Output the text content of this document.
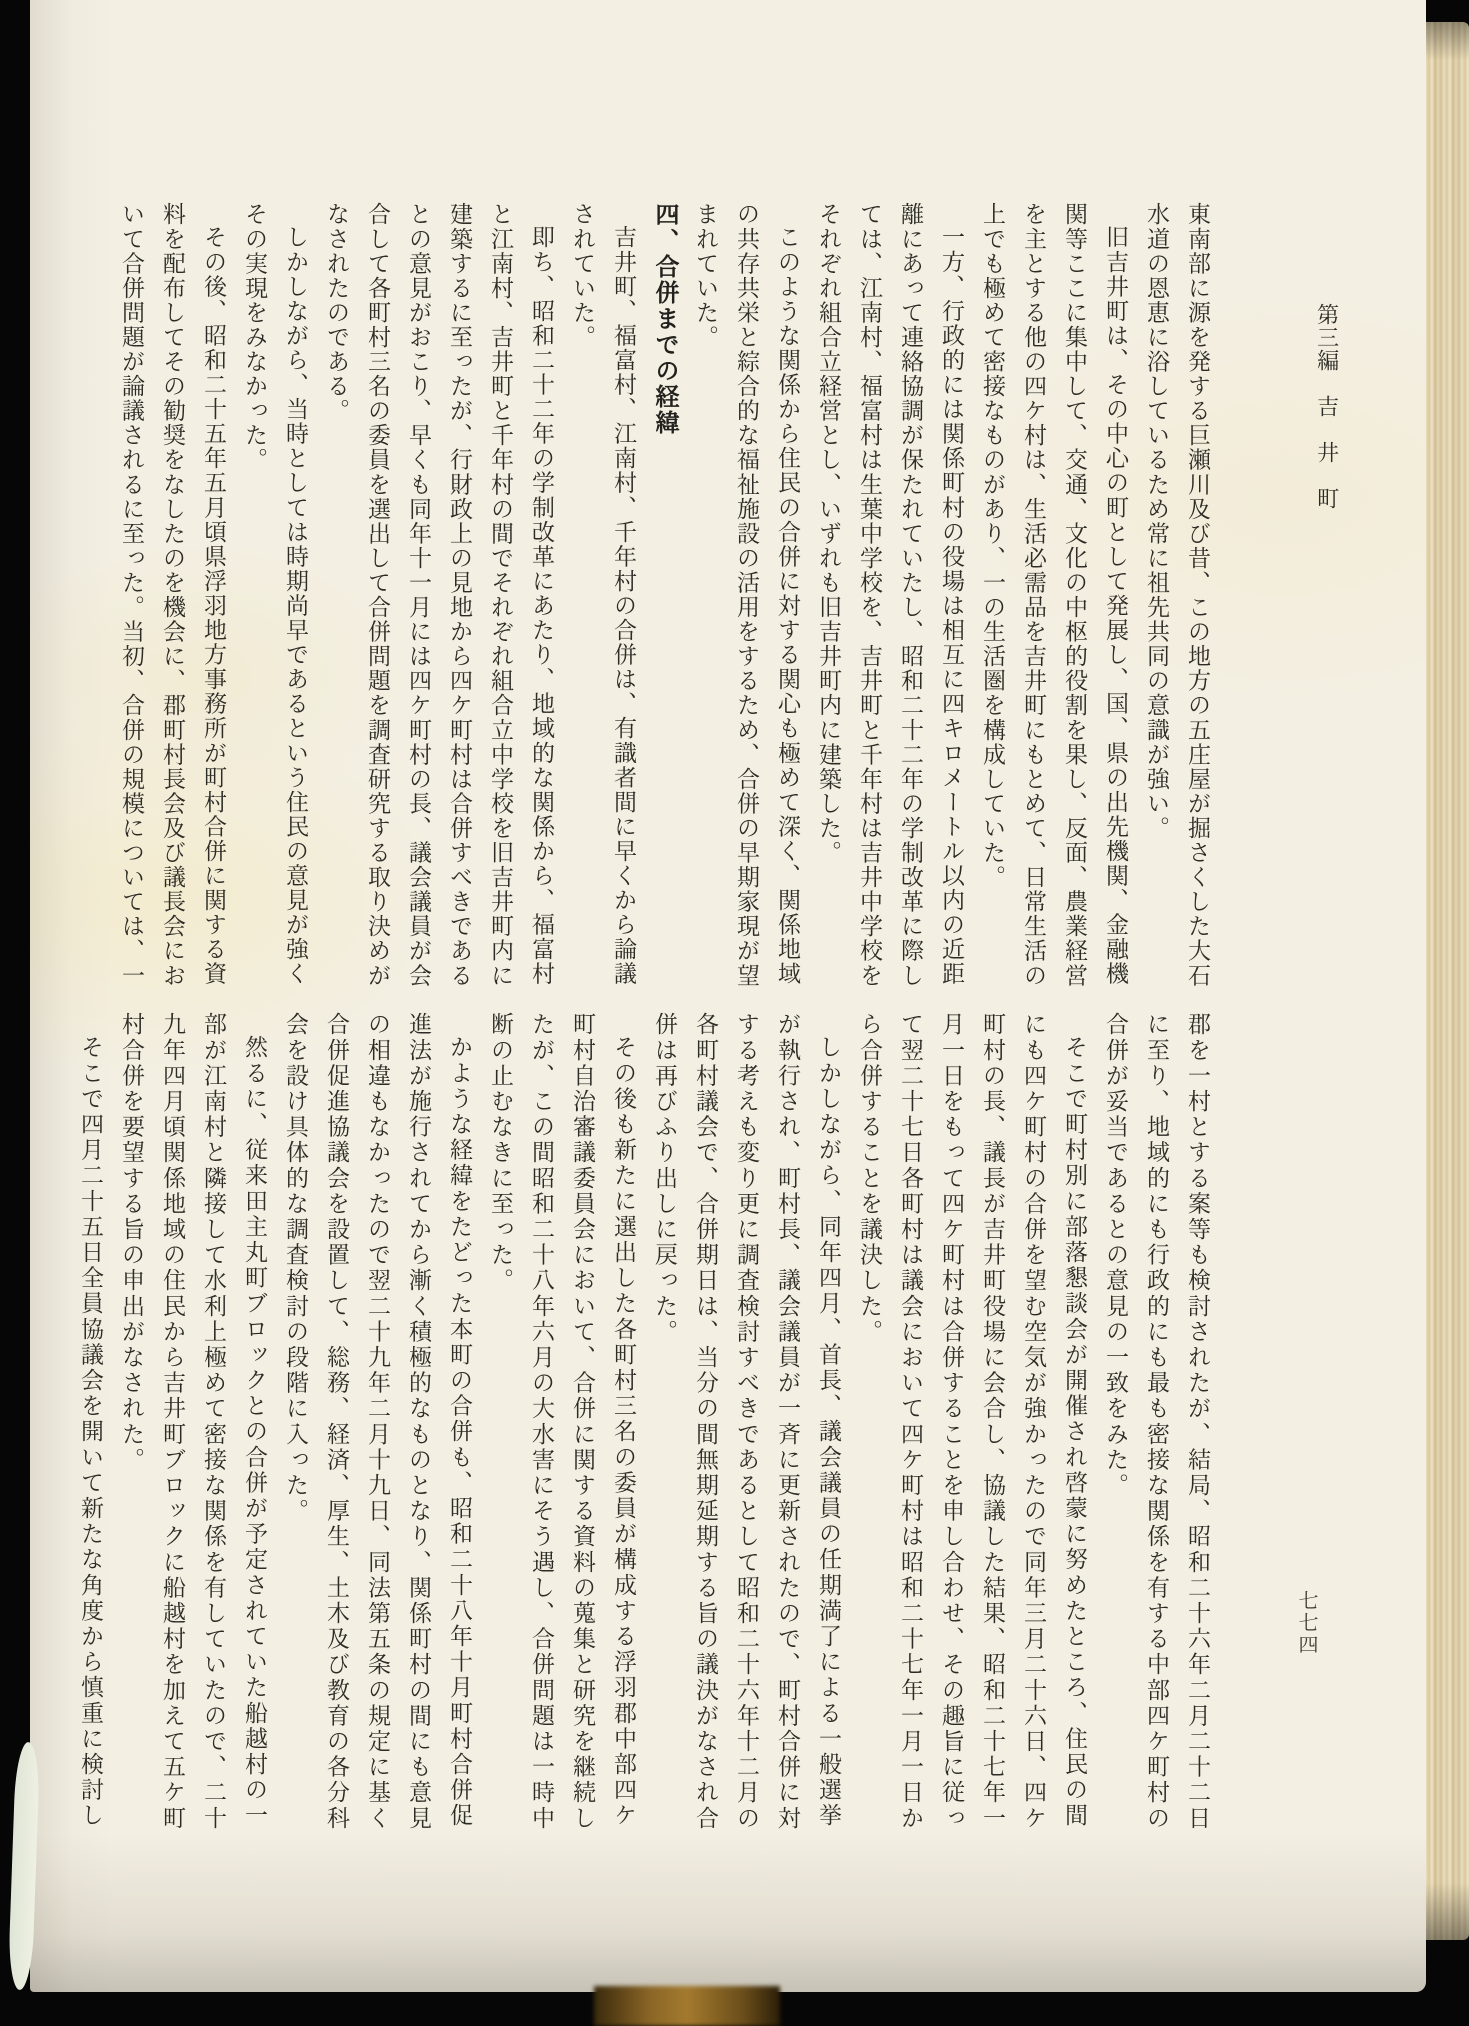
第三編　吉　井　町

東南部に源を発する巨瀬川及び昔、この地方の五庄屋が掘さくした大石水道の恩恵に浴しているため常に祖先共同の意識が強い。

旧吉井町は、その中心の町として発展し、国、県の出先機関、金融機関等ここに集中して、交通、文化の中枢的役割を果し、反面、農業経営を主とする他の四ケ村は、生活必需品を吉井町にもとめて、日常生活の上でも極めて密接なものがあり、一の生活圏を構成していた。

一方、行政的には関係町村の役場は相互に四キロメートル以内の近距離にあって連絡協調が保たれていたし、昭和二十二年の学制改革に際しては、江南村、福富村は生葉中学校を、吉井町と千年村は吉井中学校をそれぞれ組合立経営とし、いずれも旧吉井町内に建築した。

このような関係から住民の合併に対する関心も極めて深く、関係地域の共存共栄と綜合的な福祉施設の活用をするため、合併の早期家現が望まれていた。

四、合併までの経緯

吉井町、福富村、江南村、千年村の合併は、有識者間に早くから論議されていた。

即ち、昭和二十二年の学制改革にあたり、地域的な関係から、福富村と江南村、吉井町と千年村の間でそれぞれ組合立中学校を旧吉井町内に建築するに至ったが、行財政上の見地から四ケ町村は合併すべきであるとの意見がおこり、早くも同年十一月には四ケ町村の長、議会議員が会合して各町村三名の委員を選出して合併問題を調査研究する取り決めがなされたのである。

しかしながら、当時としては時期尚早であるという住民の意見が強くその実現をみなかった。

その後、昭和二十五年五月頃県浮羽地方事務所が町村合併に関する資料を配布してその勧奨をなしたのを機会に、郡町村長会及び議長会において合併問題が論議されるに至った。当初、合併の規模については、一

七七四

郡を一村とする案等も検討されたが、結局、昭和二十六年二月二十二日に至り、地域的にも行政的にも最も密接な関係を有する中部四ケ町村の合併が妥当であるとの意見の一致をみた。

そこで町村別に部落懇談会が開催され啓蒙に努めたところ、住民の間にも四ケ町村の合併を望む空気が強かったので同年三月二十六日、四ケ町村の長、議長が吉井町役場に会合し、協議した結果、昭和二十七年一月一日をもって四ケ町村は合併することを申し合わせ、その趣旨に従って翌二十七日各町村は議会において四ケ町村は昭和二十七年一月一日から合併することを議決した。

しかしながら、同年四月、首長、議会議員の任期満了による一般選挙が執行され、町村長、議会議員が一斉に更新されたので、町村合併に対する考えも変り更に調査検討すべきであるとして昭和二十六年十二月の各町村議会で、合併期日は、当分の間無期延期する旨の議決がなされ合併は再びふり出しに戻った。

その後も新たに選出した各町村三名の委員が構成する浮羽郡中部四ケ町村自治審議委員会において、合併に関する資料の蒐集と研究を継続したが、この間昭和二十八年六月の大水害にそう遇し、合併問題は一時中断の止むなきに至った。

かような経緯をたどった本町の合併も、昭和二十八年十月町村合併促進法が施行されてから漸く積極的なものとなり、関係町村の間にも意見の相違もなかったので翌二十九年二月十九日、同法第五条の規定に基く合併促進協議会を設置して、総務、経済、厚生、土木及び教育の各分科会を設け具体的な調査検討の段階に入った。

然るに、従来田主丸町ブロックとの合併が予定されていた船越村の一部が江南村と隣接して水利上極めて密接な関係を有していたので、二十九年四月頃関係地域の住民から吉井町ブロックに船越村を加えて五ケ町村合併を要望する旨の申出がなされた。

そこで四月二十五日全員協議会を開いて新たな角度から慎重に検討し
